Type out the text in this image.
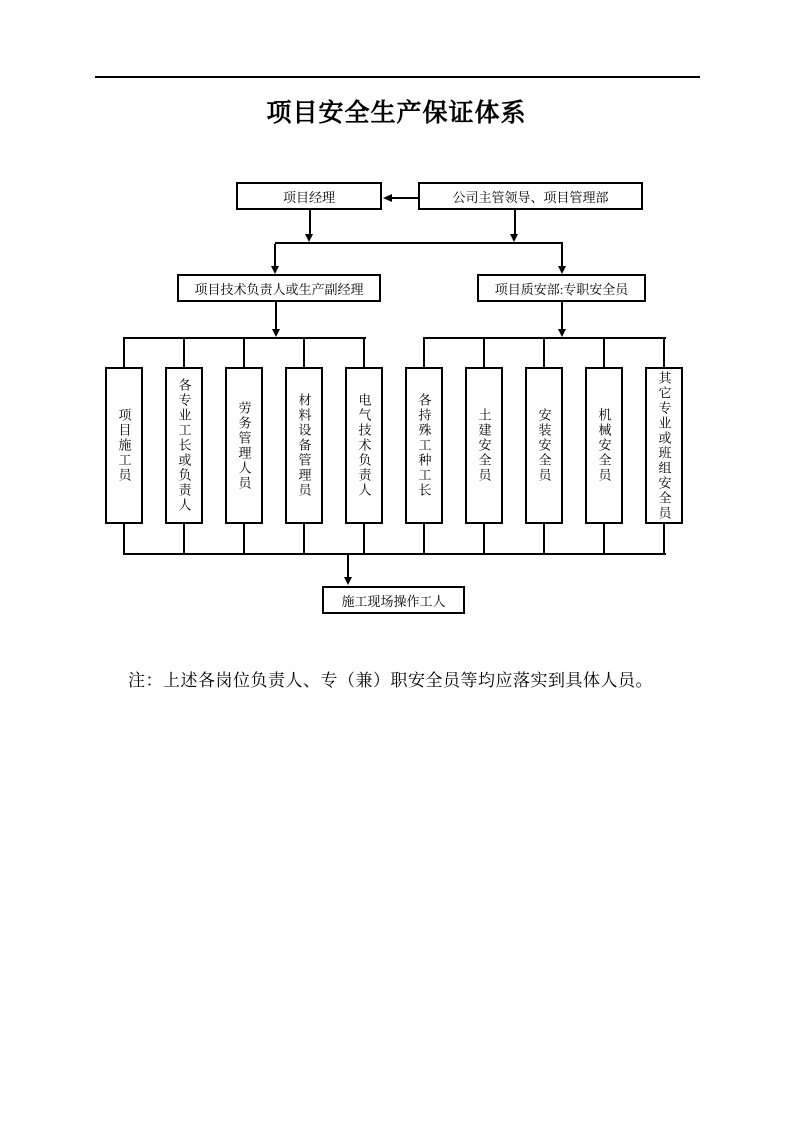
项目安全生产保证体系
项目经理	公司主管领导、项目管理部
项目技术负责人或生产副经理	项目质安部:专职安全员
项目施工员	各专业工长或负责人	劳务管理人员	材料设备管理员	电气技术负责人	各持殊工种工长	土建安全员	安装安全员	机械安全员	其它专业或班组安全员
施工现场操作工人
注：上述各岗位负责人、专（兼）职安全员等均应落实到具体人员。
